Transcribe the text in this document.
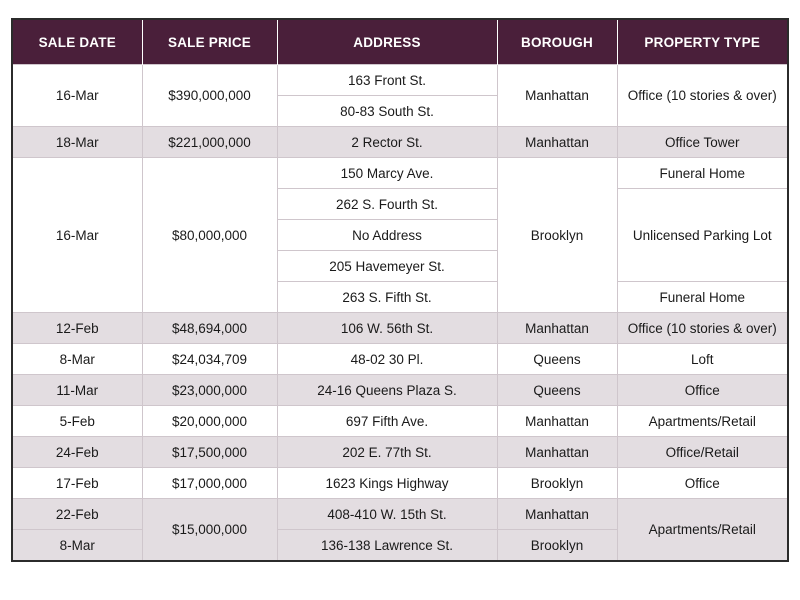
SALE DATE	SALE PRICE	ADDRESS	BOROUGH	PROPERTY TYPE
16-Mar	$390,000,000	163 Front St.	Manhattan	Office (10 stories & over)
		80-83 South St.		
18-Mar	$221,000,000	2 Rector St.	Manhattan	Office Tower
16-Mar	$80,000,000	150 Marcy Ave.	Brooklyn	Funeral Home
		262 S. Fourth St.		Unlicensed Parking Lot
		No Address		
		205 Havemeyer St.		
		263 S. Fifth St.		Funeral Home
12-Feb	$48,694,000	106 W. 56th St.	Manhattan	Office (10 stories & over)
8-Mar	$24,034,709	48-02 30 Pl.	Queens	Loft
11-Mar	$23,000,000	24-16 Queens Plaza S.	Queens	Office
5-Feb	$20,000,000	697 Fifth Ave.	Manhattan	Apartments/Retail
24-Feb	$17,500,000	202 E. 77th St.	Manhattan	Office/Retail
17-Feb	$17,000,000	1623 Kings Highway	Brooklyn	Office
22-Feb	$15,000,000	408-410 W. 15th St.	Manhattan	Apartments/Retail
8-Mar		136-138 Lawrence St.	Brooklyn	
